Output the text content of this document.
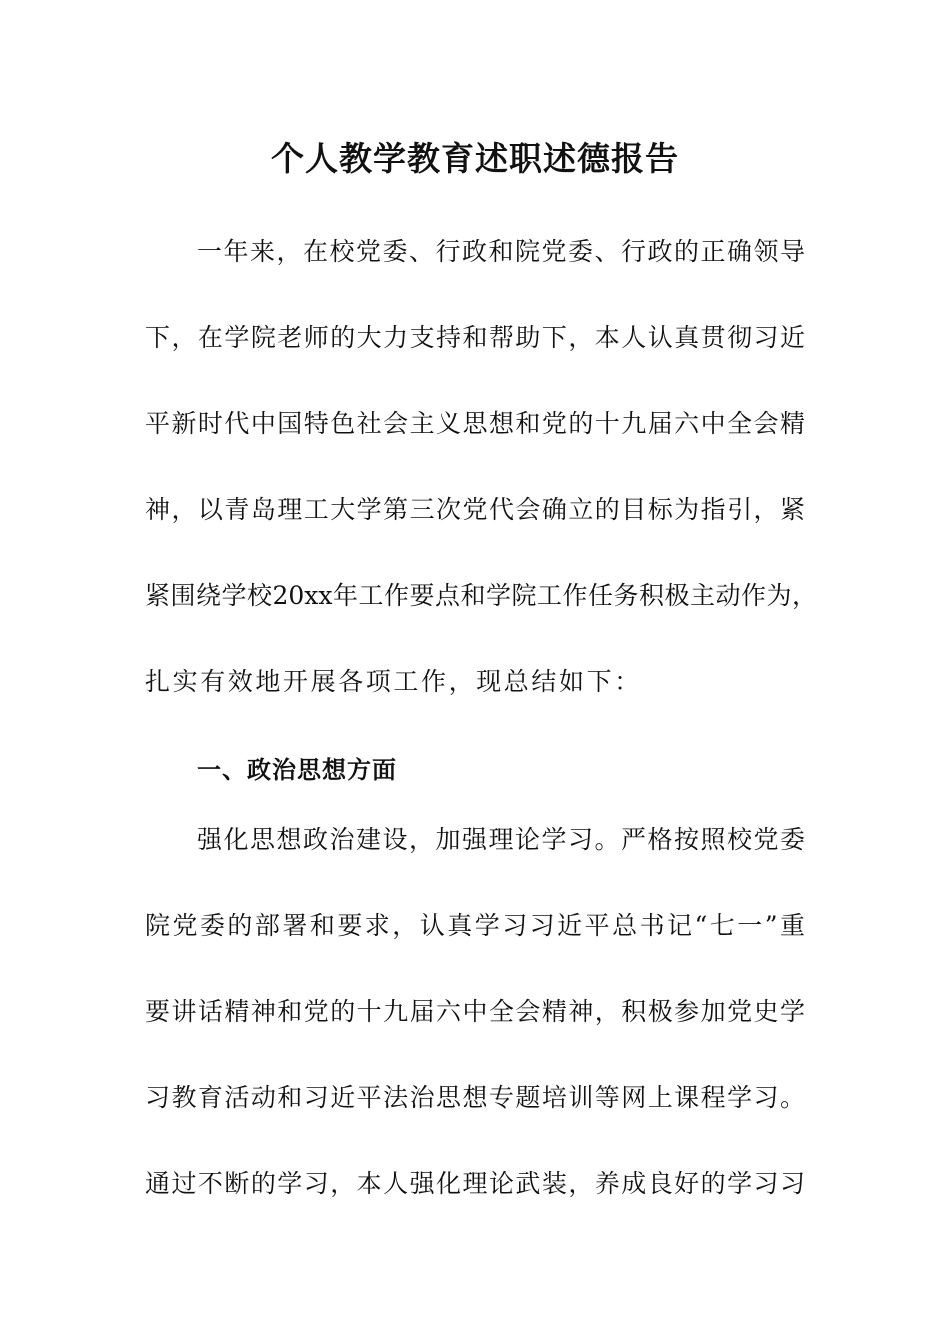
个人教学教育述职述德报告
一年来，在校党委、行政和院党委、行政的正确领导
下，在学院老师的大力支持和帮助下，本人认真贯彻习近
平新时代中国特色社会主义思想和党的十九届六中全会精
神，以青岛理工大学第三次党代会确立的目标为指引，紧
紧围绕学校20xx年工作要点和学院工作任务积极主动作为，
扎实有效地开展各项工作，现总结如下：
一、政治思想方面
强化思想政治建设，加强理论学习。严格按照校党委
院党委的部署和要求，认真学习习近平总书记“七一”重
要讲话精神和党的十九届六中全会精神，积极参加党史学
习教育活动和习近平法治思想专题培训等网上课程学习。
通过不断的学习，本人强化理论武装，养成良好的学习习
